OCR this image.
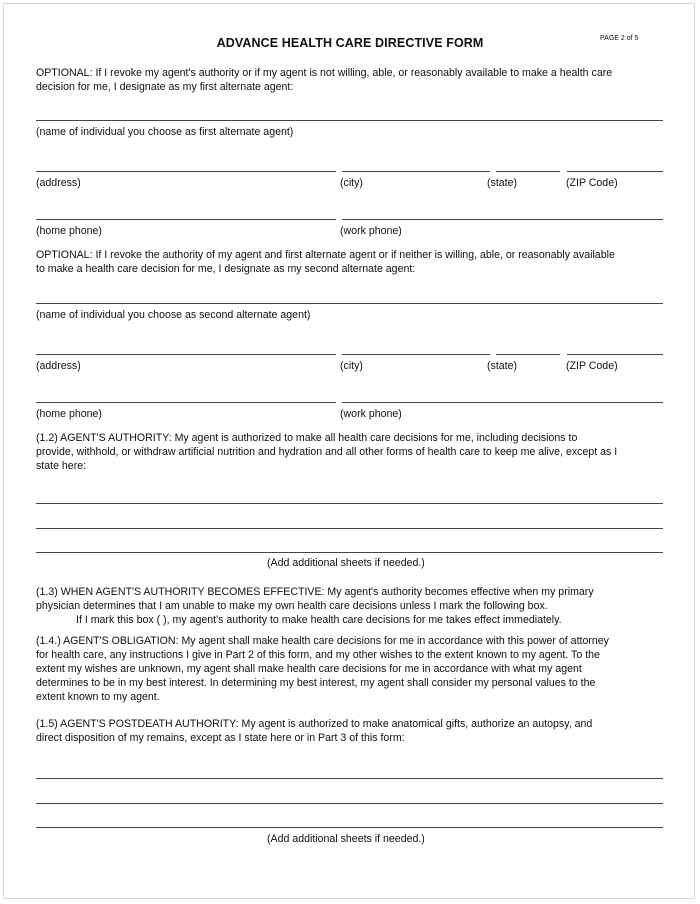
ADVANCE HEALTH CARE DIRECTIVE FORM	PAGE 2 of 5
OPTIONAL: If I revoke my agent's authority or if my agent is not willing, able, or reasonably available to make a health care
decision for me, I designate as my first alternate agent:
(name of individual you choose as first alternate agent)
(address)	(city)	(state)	(ZIP Code)
(home phone)	(work phone)
OPTIONAL: If I revoke the authority of my agent and first alternate agent or if neither is willing, able, or reasonably available
to make a health care decision for me, I designate as my second alternate agent:
(name of individual you choose as second alternate agent)
(address)	(city)	(state)	(ZIP Code)
(home phone)	(work phone)
(1.2) AGENT'S AUTHORITY: My agent is authorized to make all health care decisions for me, including decisions to
provide, withhold, or withdraw artificial nutrition and hydration and all other forms of health care to keep me alive, except as I
state here:
(Add additional sheets if needed.)
(1.3) WHEN AGENT'S AUTHORITY BECOMES EFFECTIVE: My agent's authority becomes effective when my primary
physician determines that I am unable to make my own health care decisions unless I mark the following box.
If I mark this box ( ), my agent's authority to make health care decisions for me takes effect immediately.
(1.4.) AGENT'S OBLIGATION: My agent shall make health care decisions for me in accordance with this power of attorney
for health care, any instructions I give in Part 2 of this form, and my other wishes to the extent known to my agent. To the
extent my wishes are unknown, my agent shall make health care decisions for me in accordance with what my agent
determines to be in my best interest. In determining my best interest, my agent shall consider my personal values to the
extent known to my agent.
(1.5) AGENT'S POSTDEATH AUTHORITY: My agent is authorized to make anatomical gifts, authorize an autopsy, and
direct disposition of my remains, except as I state here or in Part 3 of this form:
(Add additional sheets if needed.)
